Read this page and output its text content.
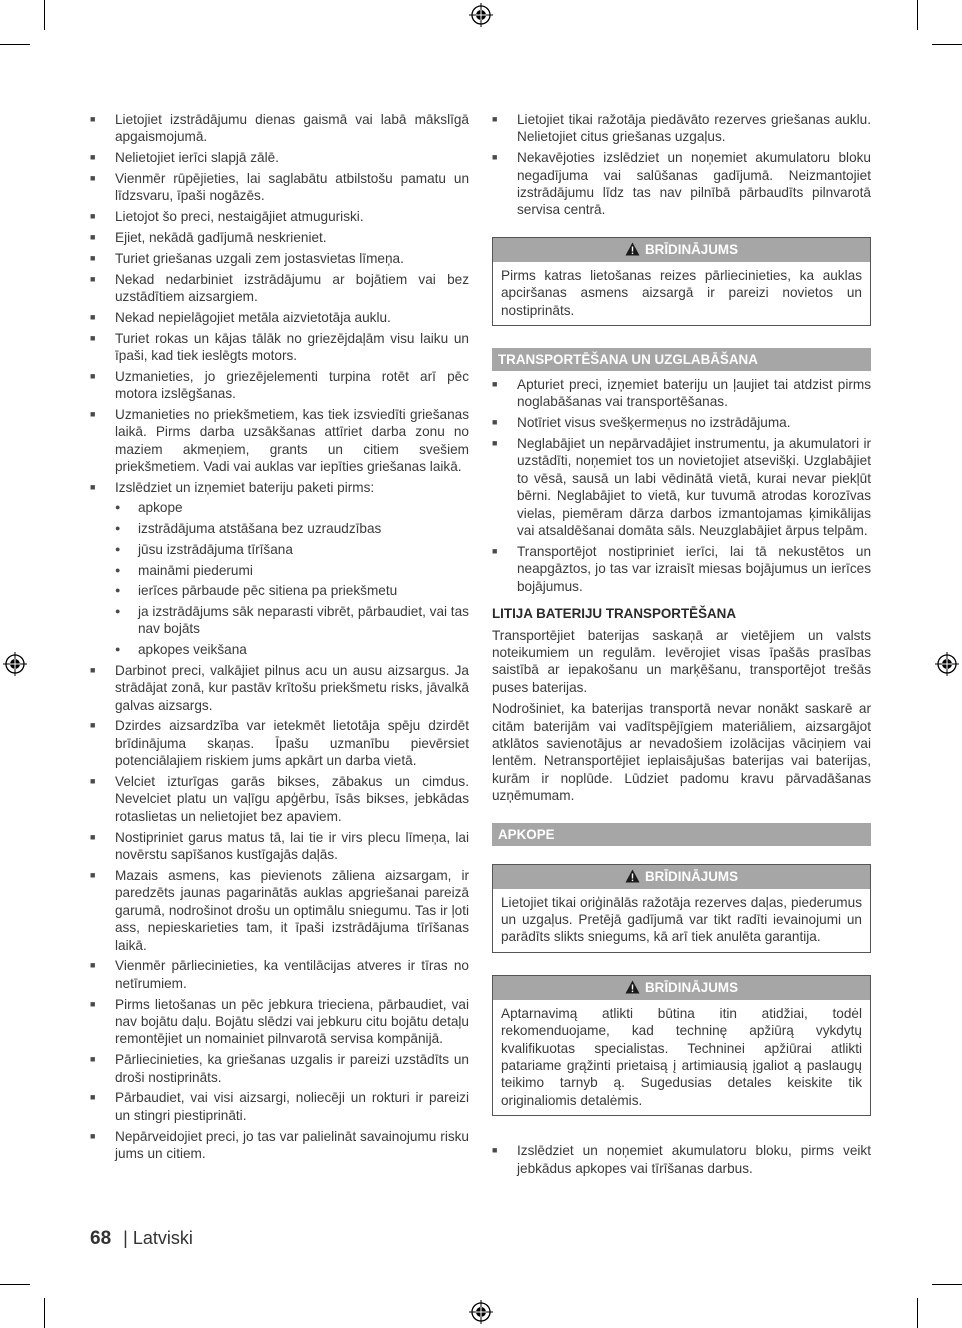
■ Lietojiet izstrādājumu dienas gaismā vai labā mākslīgā apgaismojumā.
■ Nelietojiet ierīci slapjā zālē.
■ Vienmēr rūpējieties, lai saglabātu atbilstošu pamatu un līdzsvaru, īpaši nogāzēs.
■ Lietojot šo preci, nestaigājiet atmuguriski.
■ Ejiet, nekādā gadījumā neskrieniet.
■ Turiet griešanas uzgali zem jostasvietas līmeņa.
■ Nekad nedarbiniet izstrādājumu ar bojātiem vai bez uzstādītiem aizsargiem.
■ Nekad nepielāgojiet metāla aizvietotāja auklu.
■ Turiet rokas un kājas tālāk no griezējdaļām visu laiku un īpaši, kad tiek ieslēgts motors.
■ Uzmanieties, jo griezējelementi turpina rotēt arī pēc motora izslēgšanas.
■ Uzmanieties no priekšmetiem, kas tiek izsviedīti griešanas laikā. Pirms darba uzsākšanas attīriet darba zonu no maziem akmeņiem, grants un citiem svešiem priekšmetiem. Vadi vai auklas var iepīties griešanas laikā.
■ Izslēdziet un izņemiet bateriju paketi pirms:
● apkope
● izstrādājuma atstāšana bez uzraudzības
● jūsu izstrādājuma tīrīšana
● maināmi piederumi
● ierīces pārbaude pēc sitiena pa priekšmetu
● ja izstrādājums sāk neparasti vibrēt, pārbaudiet, vai tas nav bojāts
● apkopes veikšana
■ Darbinot preci, valkājiet pilnus acu un ausu aizsargus. Ja strādājat zonā, kur pastāv krītošu priekšmetu risks, jāvalkā galvas aizsargs.
■ Dzirdes aizsardzība var ietekmēt lietotāja spēju dzirdēt brīdinājuma skaņas. Īpašu uzmanību pievērsiet potenciālajiem riskiem jums apkārt un darba vietā.
■ Velciet izturīgas garās bikses, zābakus un cimdus. Nevelciet platu un vaļīgu apģērbu, īsās bikses, jebkādas rotaslietas un nelietojiet bez apaviem.
■ Nostipriniet garus matus tā, lai tie ir virs plecu līmeņa, lai novērstu sapīšanos kustīgajās daļās.
■ Mazais asmens, kas pievienots zāliena aizsargam, ir paredzēts jaunas pagarinātās auklas apgriešanai pareizā garumā, nodrošinot drošu un optimālu sniegumu. Tas ir ļoti ass, nepieskarieties tam, it īpaši izstrādājuma tīrīšanas laikā.
■ Vienmēr pārliecinieties, ka ventilācijas atveres ir tīras no netīrumiem.
■ Pirms lietošanas un pēc jebkura trieciena, pārbaudiet, vai nav bojātu daļu. Bojātu slēdzi vai jebkuru citu bojātu detaļu remontējiet un nomainiet pilnvarotā servisa kompānijā.
■ Pārliecinieties, ka griešanas uzgalis ir pareizi uzstādīts un droši nostiprināts.
■ Pārbaudiet, vai visi aizsargi, noliecēji un rokturi ir pareizi un stingri piestiprināti.
■ Nepārveidojiet preci, jo tas var palielināt savainojumu risku jums un citiem.
■ Lietojiet tikai ražotāja piedāvāto rezerves griešanas auklu. Nelietojiet citus griešanas uzgaļus.
■ Nekavējoties izslēdziet un noņemiet akumulatoru bloku negadījuma vai salūšanas gadījumā. Neizmantojiet izstrādājumu līdz tas nav pilnībā pārbaudīts pilnvarotā servisa centrā.
BRĪDINĀJUMS
Pirms katras lietošanas reizes pārliecinieties, ka auklas apciršanas asmens aizsargā ir pareizi novietos un nostiprināts.
TRANSPORTĒŠANA UN UZGLABĀŠANA
■ Apturiet preci, izņemiet bateriju un ļaujiet tai atdzist pirms noglabāšanas vai transportēšanas.
■ Notīriet visus svešķermeņus no izstrādājuma.
■ Neglabājiet un nepārvadājiet instrumentu, ja akumulatori ir uzstādīti, noņemiet tos un novietojiet atsevišķi. Uzglabājiet to vēsā, sausā un labi vēdinātā vietā, kurai nevar piekļūt bērni. Neglabājiet to vietā, kur tuvumā atrodas korozīvas vielas, piemēram dārza darbos izmantojamas ķimikālijas vai atsaldēšanai domāta sāls. Neuzglabājiet ārpus telpām.
■ Transportējot nostipriniet ierīci, lai tā nekustētos un neapgāztos, jo tas var izraisīt miesas bojājumus un ierīces bojājumus.
LITIJA BATERIJU TRANSPORTĒŠANA

Transportējiet baterijas saskaņā ar vietējiem un valsts noteikumiem un regulām. Ievērojiet visas īpašās prasības saistībā ar iepakošanu un marķēšanu, transportējot trešās puses baterijas.

Nodrošiniet, ka baterijas transportā nevar nonākt saskarē ar citām baterijām vai vadītspējīgiem materiāliem, aizsargājot atklātos savienotājus ar nevadošiem izolācijas vāciņiem vai lentēm. Netransportējiet ieplaisājušas baterijas vai baterijas, kurām ir noplūde. Lūdziet padomu kravu pārvadāšanas uzņēmumam.

APKOPE
BRĪDINĀJUMS
Lietojiet tikai oriģinālās ražotāja rezerves daļas, piederumus un uzgaļus. Pretējā gadījumā var tikt radīti ievainojumi un parādīts slikts sniegums, kā arī tiek anulēta garantija.
BRĪDINĀJUMS
Aptarnavimą atlikti būtina itin atidžiai, todėl rekomenduojame, kad techninę apžiūrą vykdytų kvalifikuotas specialistas. Techninei apžiūrai atlikti patariame grąžinti prietaisą į artimiausią įgaliot ą paslaugų teikimo tarnyb ą. Sugedusias detales keiskite tik originaliomis detalėmis.
■ Izslēdziet un noņemiet akumulatoru bloku, pirms veikt jebkādus apkopes vai tīrīšanas darbus.
68 | Latviski
